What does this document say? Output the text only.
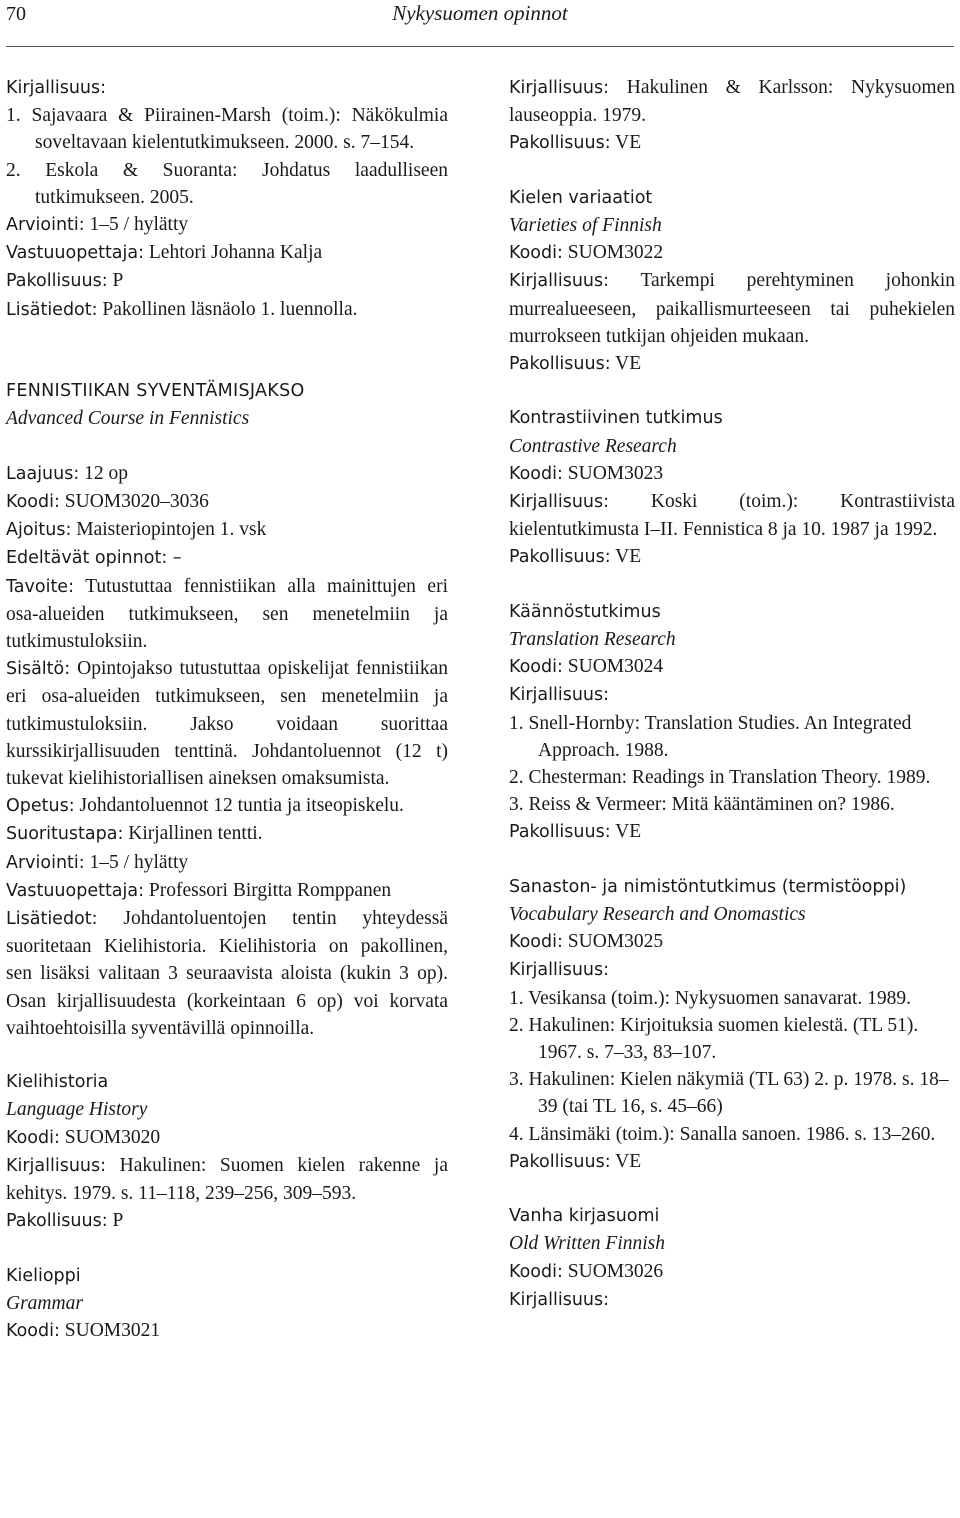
70	Nykysuomen opinnot

Kirjallisuus:

1. Sajavaara & Piirainen-Marsh (toim.): Näkökulmia soveltavaan kielentutkimukseen. 2000. s. 7–154.

2. Eskola & Suoranta: Johdatus laadulliseen tutkimukseen. 2005.

Arviointi: 1–5 / hylätty

Vastuuopettaja: Lehtori Johanna Kalja

Pakollisuus: P

Lisätiedot: Pakollinen läsnäolo 1. luennolla.

FENNISTIIKAN SYVENTÄMISJAKSO

Advanced Course in Fennistics

Laajuus: 12 op

Koodi: SUOM3020–3036

Ajoitus: Maisteriopintojen 1. vsk

Edeltävät opinnot: –

Tavoite: Tutustuttaa fennistiikan alla mainittujen eri osa-alueiden tutkimukseen, sen menetelmiin ja tutkimustuloksiin.

Sisältö: Opintojakso tutustuttaa opiskelijat fennistiikan eri osa-alueiden tutkimukseen, sen menetelmiin ja tutkimustuloksiin. Jakso voidaan suorittaa kurssikirjallisuuden tenttinä. Johdantoluennot (12 t) tukevat kielihistoriallisen aineksen omaksumista.

Opetus: Johdantoluennot 12 tuntia ja itseopiskelu.

Suoritustapa: Kirjallinen tentti.

Arviointi: 1–5 / hylätty

Vastuuopettaja: Professori Birgitta Romppanen

Lisätiedot: Johdantoluentojen tentin yhteydessä suoritetaan Kielihistoria. Kielihistoria on pakollinen, sen lisäksi valitaan 3 seuraavista aloista (kukin 3 op). Osan kirjallisuudesta (korkeintaan 6 op) voi korvata vaihtoehtoisilla syventävillä opinnoilla.

Kielihistoria

Language History

Koodi: SUOM3020

Kirjallisuus: Hakulinen: Suomen kielen rakenne ja kehitys. 1979. s. 11–118, 239–256, 309–593.

Pakollisuus: P

Kielioppi

Grammar

Koodi: SUOM3021

Kirjallisuus: Hakulinen & Karlsson: Nykysuomen lauseoppia. 1979.

Pakollisuus: VE

Kielen variaatiot

Varieties of Finnish

Koodi: SUOM3022

Kirjallisuus: Tarkempi perehtyminen johonkin murrealueeseen, paikallismurteeseen tai puhekielen murrokseen tutkijan ohjeiden mukaan.

Pakollisuus: VE

Kontrastiivinen tutkimus

Contrastive Research

Koodi: SUOM3023

Kirjallisuus: Koski (toim.): Kontrastiivista kielentutkimusta I–II. Fennistica 8 ja 10. 1987 ja 1992.

Pakollisuus: VE

Käännöstutkimus

Translation Research

Koodi: SUOM3024

Kirjallisuus:

1. Snell-Hornby: Translation Studies. An Integrated Approach. 1988.

2. Chesterman: Readings in Translation Theory. 1989.

3. Reiss & Vermeer: Mitä kääntäminen on? 1986.

Pakollisuus: VE

Sanaston- ja nimistöntutkimus (termistöoppi)

Vocabulary Research and Onomastics

Koodi: SUOM3025

Kirjallisuus:

1. Vesikansa (toim.): Nykysuomen sanavarat. 1989.

2. Hakulinen: Kirjoituksia suomen kielestä. (TL 51). 1967. s. 7–33, 83–107.

3. Hakulinen: Kielen näkymiä (TL 63) 2. p. 1978. s. 18–39 (tai TL 16, s. 45–66)

4. Länsimäki (toim.): Sanalla sanoen. 1986. s. 13–260.

Pakollisuus: VE

Vanha kirjasuomi

Old Written Finnish

Koodi: SUOM3026

Kirjallisuus:
